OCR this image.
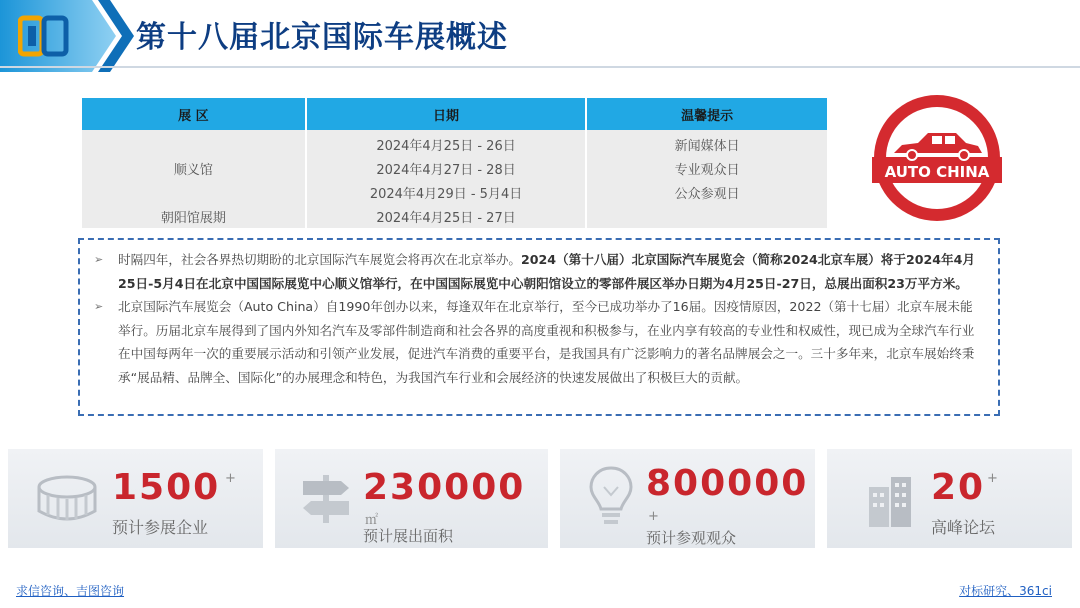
第十八届北京国际车展概述
展 区	日期	温馨提示
	2024年4月25日 - 26日	新闻媒体日
顺义馆	2024年4月27日 - 28日	专业观众日
	2024年4月29日 - 5月4日	公众参观日
朝阳馆展期	2024年4月25日 - 27日	
AUTO CHINA

➢ 时隔四年，社会各界热切期盼的北京国际汽车展览会将再次在北京举办。2024（第十八届）北京国际汽车展览会（简称2024北京车展）将于2024年4月25日-5月4日在北京中国国际展览中心顺义馆举行，在中国国际展览中心朝阳馆设立的零部件展区举办日期为4月25日-27日，总展出面积23万平方米。

➢ 北京国际汽车展览会（Auto China）自1990年创办以来，每逢双年在北京举行，至今已成功举办了16届。因疫情原因，2022（第十七届）北京车展未能举行。历届北京车展得到了国内外知名汽车及零部件制造商和社会各界的高度重视和积极参与，在业内享有较高的专业性和权威性，现已成为全球汽车行业在中国每两年一次的重要展示活动和引领产业发展，促进汽车消费的重要平台，是我国具有广泛影响力的著名品牌展会之一。三十多年来，北京车展始终秉承“展品精、品牌全、国际化”的办展理念和特色，为我国汽车行业和会展经济的快速发展做出了积极巨大的贡献。

1500 +
预计参展企业
230000
㎡
预计展出面积
800000
+
预计参观观众
20 +
高峰论坛
求信咨询、吉图咨询	对标研究、361ci
